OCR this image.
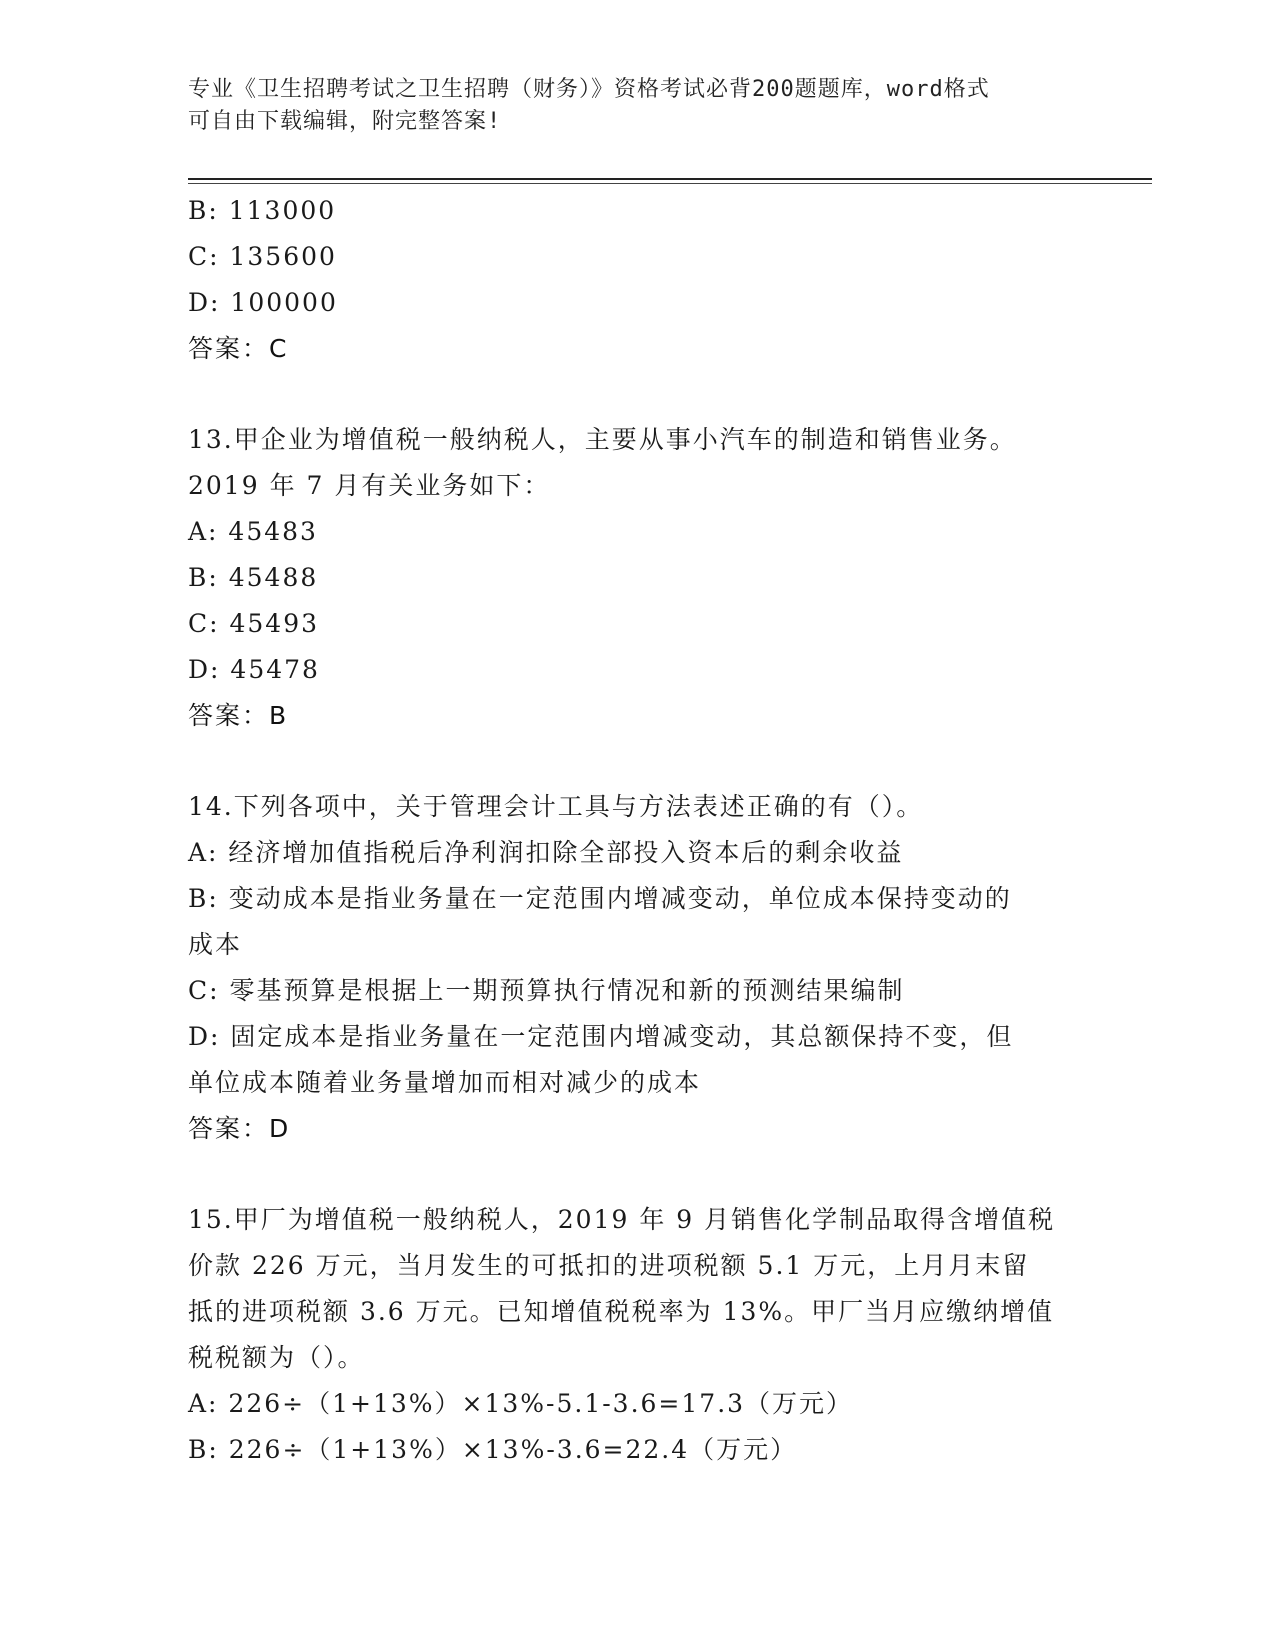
专业《卫生招聘考试之卫生招聘（财务）》资格考试必背200题题库，word格式
可自由下载编辑，附完整答案!
B: 113000
C: 135600
D: 100000
答案：C
13.甲企业为增值税一般纳税人，主要从事小汽车的制造和销售业务。
2019 年 7 月有关业务如下：
A: 45483
B: 45488
C: 45493
D: 45478
答案：B
14.下列各项中，关于管理会计工具与方法表述正确的有（）。
A: 经济增加值指税后净利润扣除全部投入资本后的剩余收益
B: 变动成本是指业务量在一定范围内增减变动，单位成本保持变动的
成本
C: 零基预算是根据上一期预算执行情况和新的预测结果编制
D: 固定成本是指业务量在一定范围内增减变动，其总额保持不变，但
单位成本随着业务量增加而相对减少的成本
答案：D
15.甲厂为增值税一般纳税人，2019 年 9 月销售化学制品取得含增值税
价款 226 万元，当月发生的可抵扣的进项税额 5.1 万元，上月月末留
抵的进项税额 3.6 万元。已知增值税税率为 13%。甲厂当月应缴纳增值
税税额为（）。
A: 226÷（1+13%）×13%-5.1-3.6=17.3（万元）
B: 226÷（1+13%）×13%-3.6=22.4（万元）
